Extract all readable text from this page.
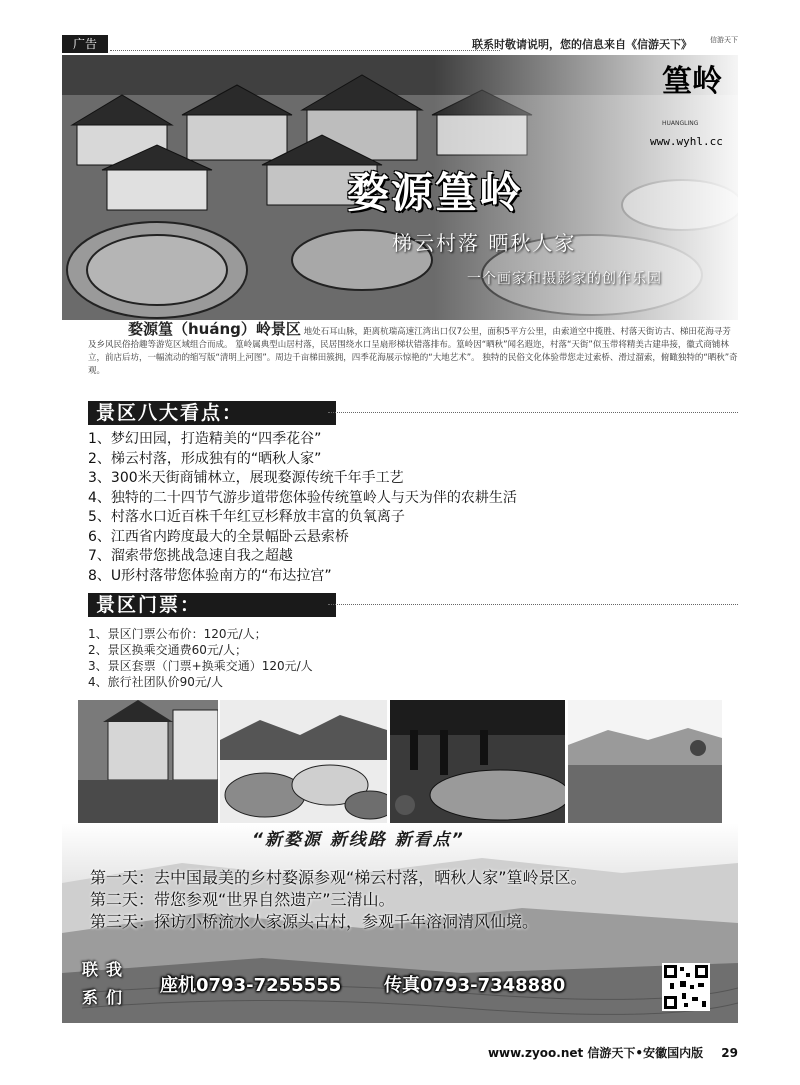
广告	联系时敬请说明，您的信息来自《信游天下》	信游天下
婺源篁岭
梯云村落 晒秋人家
一个画家和摄影家的创作乐园
篁岭
HUANGLING
www.wyhl.cc
婺源篁（huáng）岭景区 地处石耳山脉，距离杭瑞高速江湾出口仅7公里，面积5平方公里，由索道空中揽胜、村落天街访古、梯田花海寻芳及乡风民俗拾趣等游览区域组合而成。 篁岭属典型山居村落，民居围绕水口呈扇形梯状错落排布。篁岭因“晒秋”闻名遐迩，村落“天街”似玉带将精美古建串接，徽式商铺林立，前店后坊，一幅流动的缩写版“清明上河图”。周边千亩梯田簇拥，四季花海展示惊艳的“大地艺术”。 独特的民俗文化体验带您走过索桥、滑过溜索，俯瞰独特的“晒秋”奇观。
景区八大看点：
1、梦幻田园，打造精美的“四季花谷”
2、梯云村落，形成独有的“晒秋人家”
3、300米天街商铺林立，展现婺源传统千年手工艺
4、独特的二十四节气游步道带您体验传统篁岭人与天为伴的农耕生活
5、村落水口近百株千年红豆杉释放丰富的负氧离子
6、江西省内跨度最大的全景幅卧云悬索桥
7、溜索带您挑战急速自我之超越
8、U形村落带您体验南方的“布达拉宫”
景区门票：
1、景区门票公布价：120元/人；
2、景区换乘交通费60元/人；
3、景区套票（门票+换乘交通）120元/人
4、旅行社团队价90元/人
“新婺源 新线路 新看点”
第一天：去中国最美的乡村婺源参观“梯云村落，晒秋人家”篁岭景区。
第二天：带您参观“世界自然遗产”三清山。
第三天：探访小桥流水人家源头古村，参观千年溶洞清风仙境。
联我系们
座机0793-7255555 传真0793-7348880
www.zyoo.net 信游天下•安徽国内版 29
